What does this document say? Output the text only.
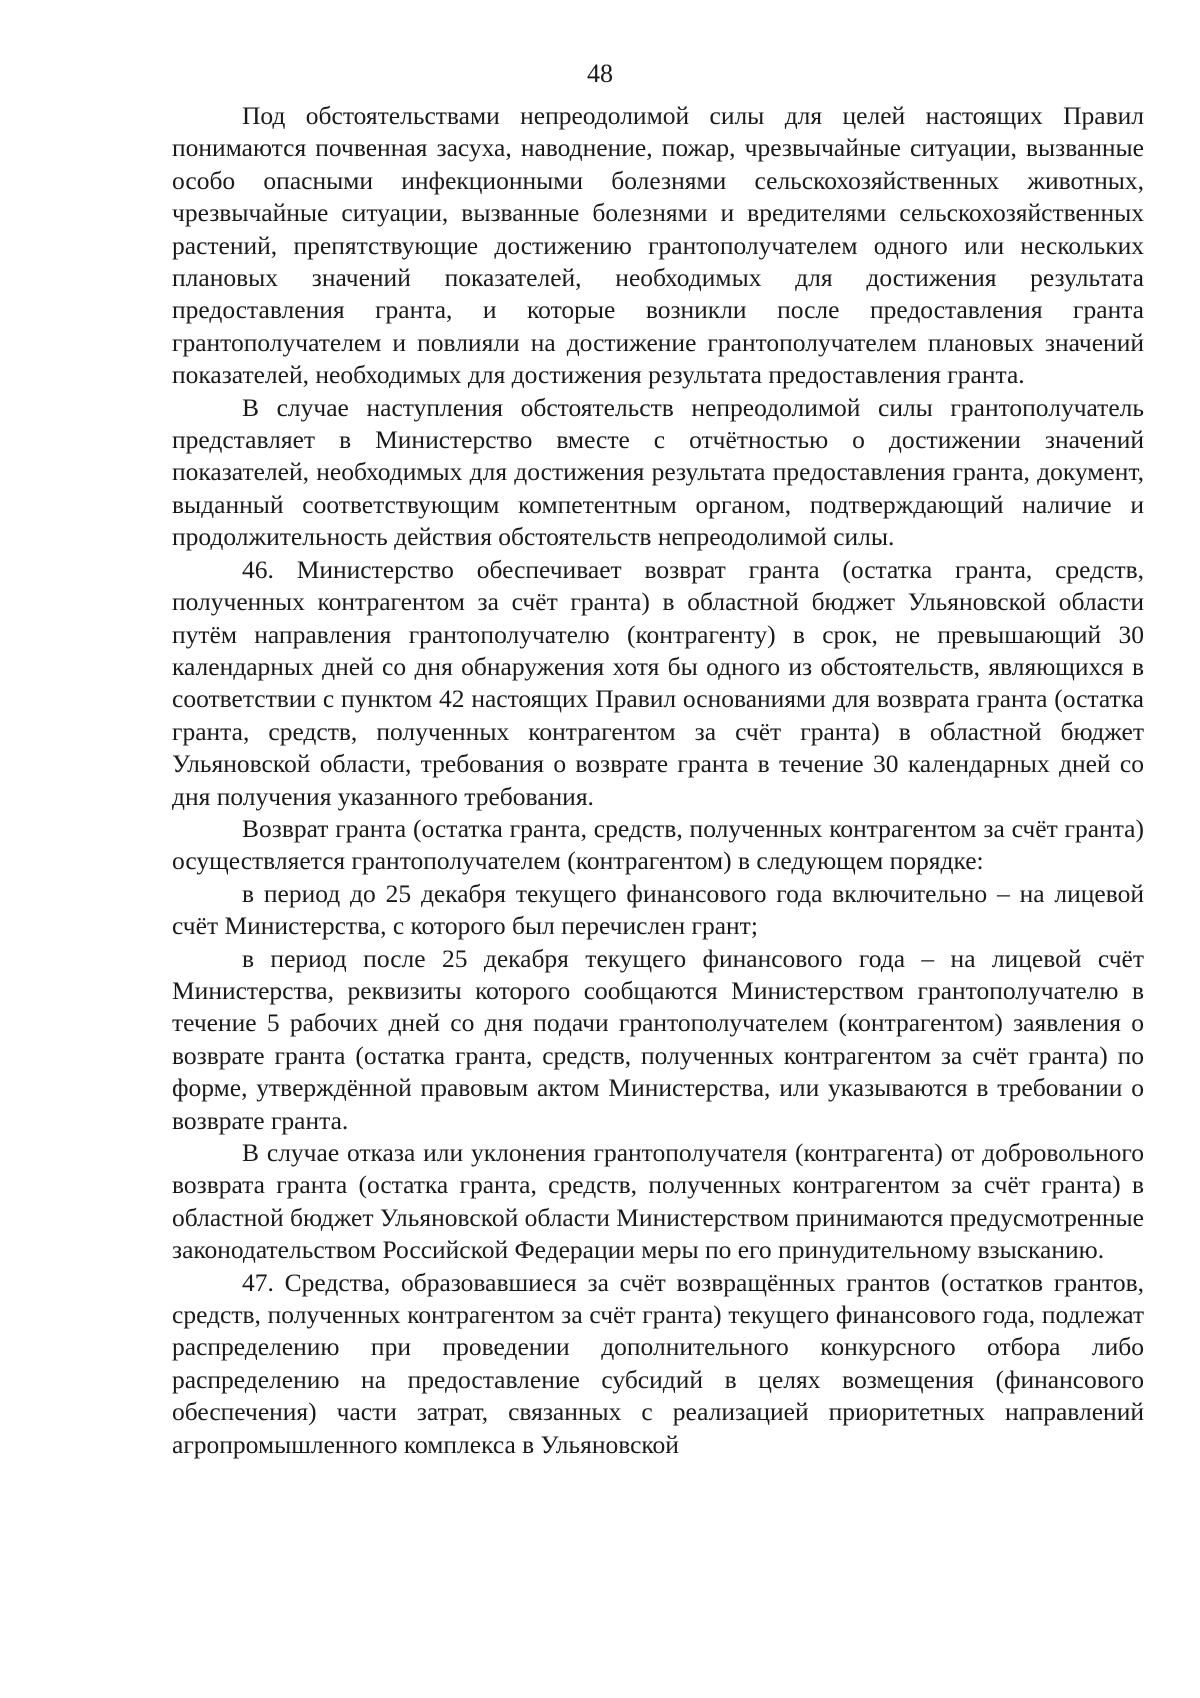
48

Под обстоятельствами непреодолимой силы для целей настоящих Правил понимаются почвенная засуха, наводнение, пожар, чрезвычайные ситуации, вызванные особо опасными инфекционными болезнями сельскохозяйственных животных, чрезвычайные ситуации, вызванные болезнями и вредителями сельскохозяйственных растений, препятствующие достижению грантополучателем одного или нескольких плановых значений показателей, необходимых для достижения результата предоставления гранта, и которые возникли после предоставления гранта грантополучателем и повлияли на достижение грантополучателем плановых значений показателей, необходимых для достижения результата предоставления гранта.

В случае наступления обстоятельств непреодолимой силы грантополучатель представляет в Министерство вместе с отчётностью о достижении значений показателей, необходимых для достижения результата предоставления гранта, документ, выданный соответствующим компетентным органом, подтверждающий наличие и продолжительность действия обстоятельств непреодолимой силы.

46. Министерство обеспечивает возврат гранта (остатка гранта, средств, полученных контрагентом за счёт гранта) в областной бюджет Ульяновской области путём направления грантополучателю (контрагенту) в срок, не превышающий 30 календарных дней со дня обнаружения хотя бы одного из обстоятельств, являющихся в соответствии с пунктом 42 настоящих Правил основаниями для возврата гранта (остатка гранта, средств, полученных контрагентом за счёт гранта) в областной бюджет Ульяновской области, требования о возврате гранта в течение 30 календарных дней со дня получения указанного требования.

Возврат гранта (остатка гранта, средств, полученных контрагентом за счёт гранта) осуществляется грантополучателем (контрагентом) в следующем порядке:

в период до 25 декабря текущего финансового года включительно – на лицевой счёт Министерства, с которого был перечислен грант;

в период после 25 декабря текущего финансового года – на лицевой счёт Министерства, реквизиты которого сообщаются Министерством грантополучателю в течение 5 рабочих дней со дня подачи грантополучателем (контрагентом) заявления о возврате гранта (остатка гранта, средств, полученных контрагентом за счёт гранта) по форме, утверждённой правовым актом Министерства, или указываются в требовании о возврате гранта.

В случае отказа или уклонения грантополучателя (контрагента) от добровольного возврата гранта (остатка гранта, средств, полученных контрагентом за счёт гранта) в областной бюджет Ульяновской области Министерством принимаются предусмотренные законодательством Российской Федерации меры по его принудительному взысканию.

47. Средства, образовавшиеся за счёт возвращённых грантов (остатков грантов, средств, полученных контрагентом за счёт гранта) текущего финансового года, подлежат распределению при проведении дополнительного конкурсного отбора либо распределению на предоставление субсидий в целях возмещения (финансового обеспечения) части затрат, связанных с реализацией приоритетных направлений агропромышленного комплекса в Ульяновской
